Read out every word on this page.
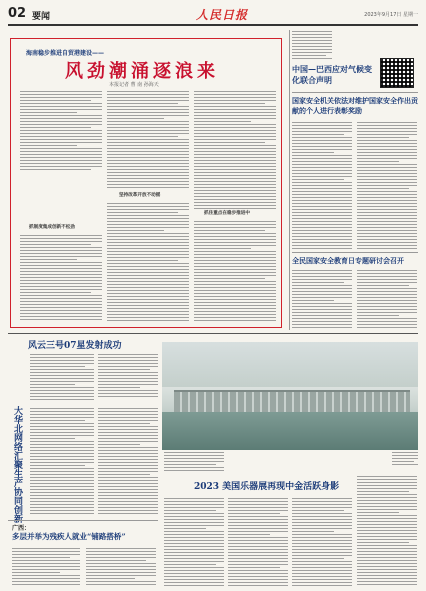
02 要闻	人民日报	2023年9月17日 星期一
海南稳步推进自贸港建设——
风劲潮涌逐浪来
本报记者 曹 南 孙海天
抓制度集成创新不松劲
坚持改革开放不动摇
抓住重点在稳步推进中
中国—巴西应对气候变化联合声明
国家安全机关依法对维护国家安全作出贡献的个人进行表彰奖励
全民国家安全教育日专题研讨会召开
风云三号07星发射成功
大华北网络汇聚生产协同创新
广西：
多层并举为残疾人就业“铺路搭桥”
2023 美国乐器展再现中金活跃身影
